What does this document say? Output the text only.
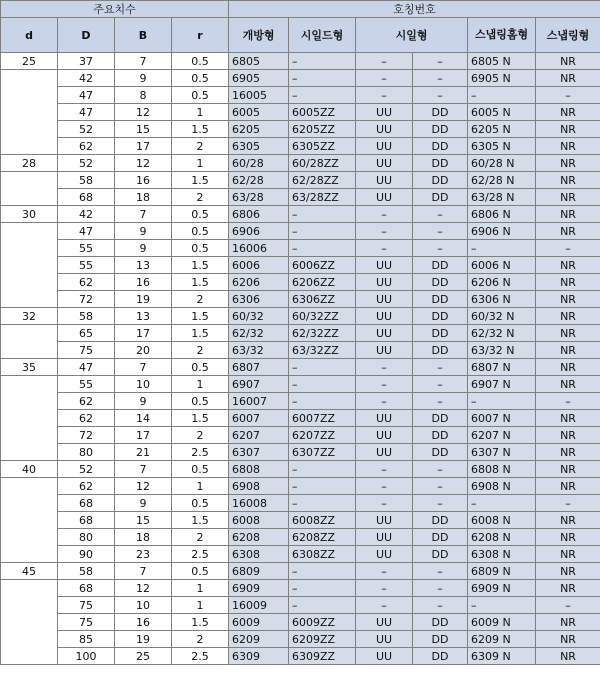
주요치수				호칭번호					
d	D	B	r	개방형	시일드형	시일형		스냅링홈형	스냅링형
25	37	7	0.5	6805	–	–	–	6805 N	NR
	42	9	0.5	6905	–	–	–	6905 N	NR
	47	8	0.5	16005	–	–	–	–	–
	47	12	1	6005	6005ZZ	UU	DD	6005 N	NR
	52	15	1.5	6205	6205ZZ	UU	DD	6205 N	NR
	62	17	2	6305	6305ZZ	UU	DD	6305 N	NR
28	52	12	1	60/28	60/28ZZ	UU	DD	60/28 N	NR
	58	16	1.5	62/28	62/28ZZ	UU	DD	62/28 N	NR
	68	18	2	63/28	63/28ZZ	UU	DD	63/28 N	NR
30	42	7	0.5	6806	–	–	–	6806 N	NR
	47	9	0.5	6906	–	–	–	6906 N	NR
	55	9	0.5	16006	–	–	–	–	–
	55	13	1.5	6006	6006ZZ	UU	DD	6006 N	NR
	62	16	1.5	6206	6206ZZ	UU	DD	6206 N	NR
	72	19	2	6306	6306ZZ	UU	DD	6306 N	NR
32	58	13	1.5	60/32	60/32ZZ	UU	DD	60/32 N	NR
	65	17	1.5	62/32	62/32ZZ	UU	DD	62/32 N	NR
	75	20	2	63/32	63/32ZZ	UU	DD	63/32 N	NR
35	47	7	0.5	6807	–	–	–	6807 N	NR
	55	10	1	6907	–	–	–	6907 N	NR
	62	9	0.5	16007	–	–	–	–	–
	62	14	1.5	6007	6007ZZ	UU	DD	6007 N	NR
	72	17	2	6207	6207ZZ	UU	DD	6207 N	NR
	80	21	2.5	6307	6307ZZ	UU	DD	6307 N	NR
40	52	7	0.5	6808	–	–	–	6808 N	NR
	62	12	1	6908	–	–	–	6908 N	NR
	68	9	0.5	16008	–	–	–	–	–
	68	15	1.5	6008	6008ZZ	UU	DD	6008 N	NR
	80	18	2	6208	6208ZZ	UU	DD	6208 N	NR
	90	23	2.5	6308	6308ZZ	UU	DD	6308 N	NR
45	58	7	0.5	6809	–	–	–	6809 N	NR
	68	12	1	6909	–	–	–	6909 N	NR
	75	10	1	16009	–	–	–	–	–
	75	16	1.5	6009	6009ZZ	UU	DD	6009 N	NR
	85	19	2	6209	6209ZZ	UU	DD	6209 N	NR
	100	25	2.5	6309	6309ZZ	UU	DD	6309 N	NR
